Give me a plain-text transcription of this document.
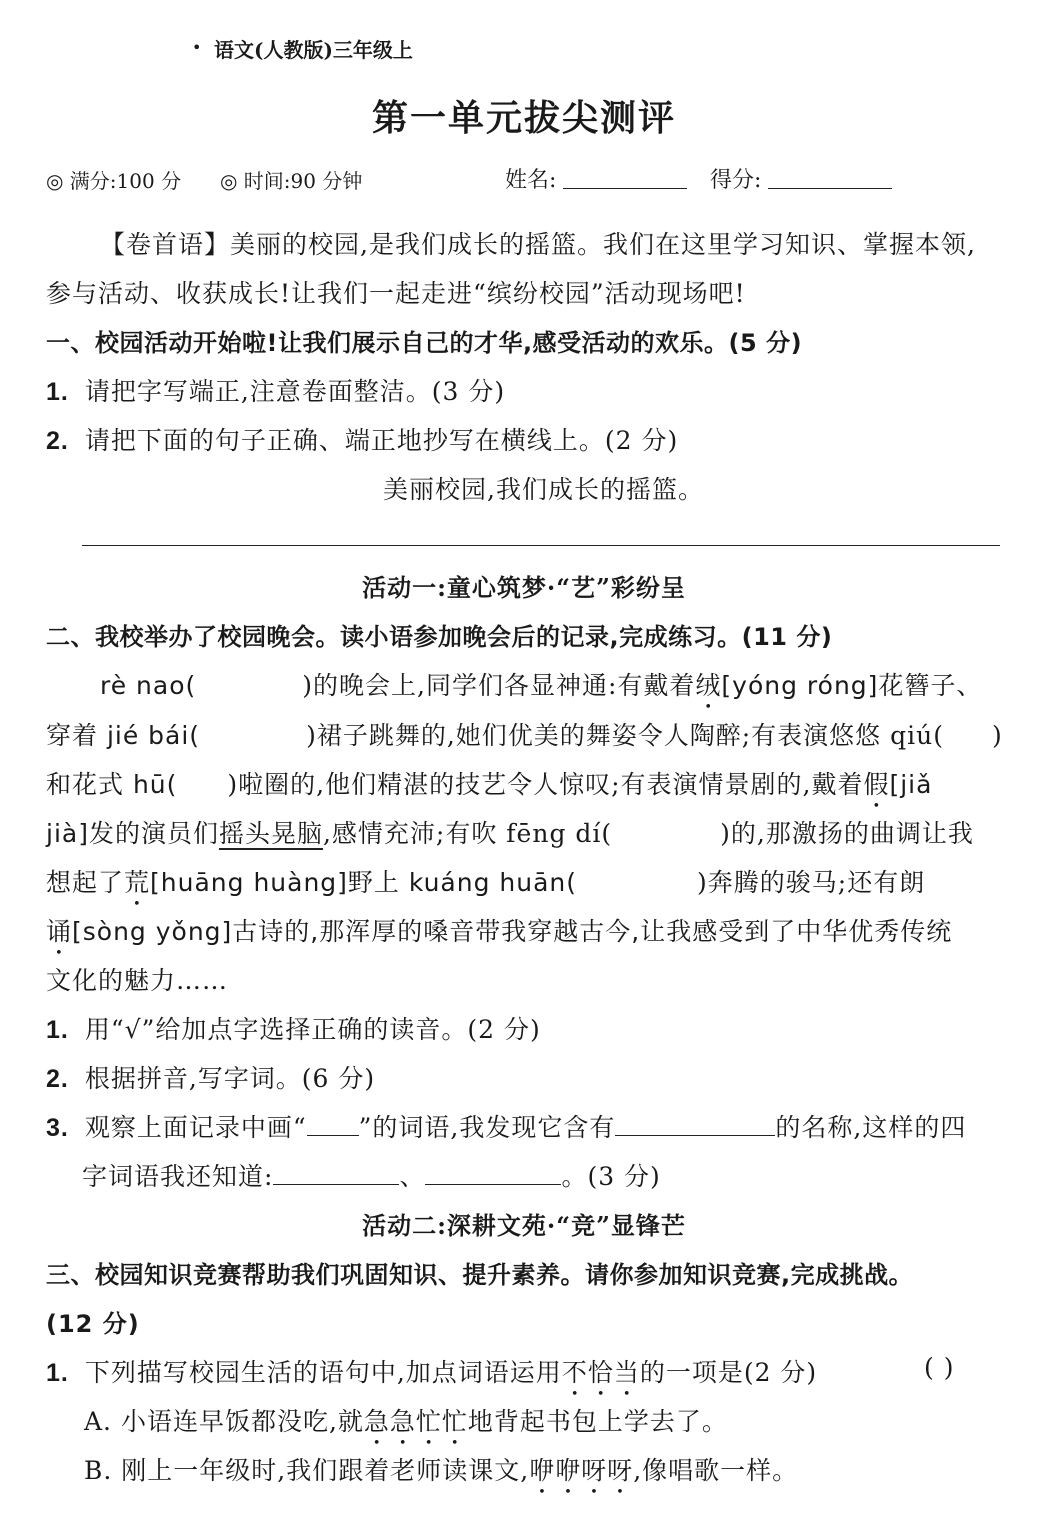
• 语文(人教版)三年级上
第一单元拔尖测评
◎ 满分:100 分 ◎ 时间:90 分钟	姓名:	得分:
【卷首语】美丽的校园,是我们成长的摇篮。我们在这里学习知识、掌握本领,
参与活动、收获成长!让我们一起走进“缤纷校园”活动现场吧!
一、校园活动开始啦!让我们展示自己的才华,感受活动的欢乐。(5 分)
1. 请把字写端正,注意卷面整洁。(3 分)
2. 请把下面的句子正确、端正地抄写在横线上。(2 分)
美丽校园,我们成长的摇篮。
活动一:童心筑梦·“艺”彩纷呈
二、我校举办了校园晚会。读小语参加晚会后的记录,完成练习。(11 分)
rè nao(	)的晚会上,同学们各显神通:有戴着绒[yóng róng]花簪子、
穿着 jié bái(	)裙子跳舞的,她们优美的舞姿令人陶醉;有表演悠悠 qiú( )
和花式 hū( )啦圈的,他们精湛的技艺令人惊叹;有表演情景剧的,戴着假[jiǎ
jià]发的演员们摇头晃脑,感情充沛;有吹 fēng dí(	)的,那激扬的曲调让我
想起了荒[huāng huàng]野上 kuáng huān(	)奔腾的骏马;还有朗
诵[sòng yǒng]古诗的,那浑厚的嗓音带我穿越古今,让我感受到了中华优秀传统
文化的魅力……
1. 用“√”给加点字选择正确的读音。(2 分)
2. 根据拼音,写字词。(6 分)
3. 观察上面记录中画“ ”的词语,我发现它含有	的名称,这样的四
字词语我还知道:	、	。(3 分)
活动二:深耕文苑·“竞”显锋芒
三、校园知识竞赛帮助我们巩固知识、提升素养。请你参加知识竞赛,完成挑战。
(12 分)
1. 下列描写校园生活的语句中,加点词语运用不恰当的一项是(2 分)	( )
A. 小语连早饭都没吃,就急急忙忙地背起书包上学去了。
B. 刚上一年级时,我们跟着老师读课文,咿咿呀呀,像唱歌一样。
